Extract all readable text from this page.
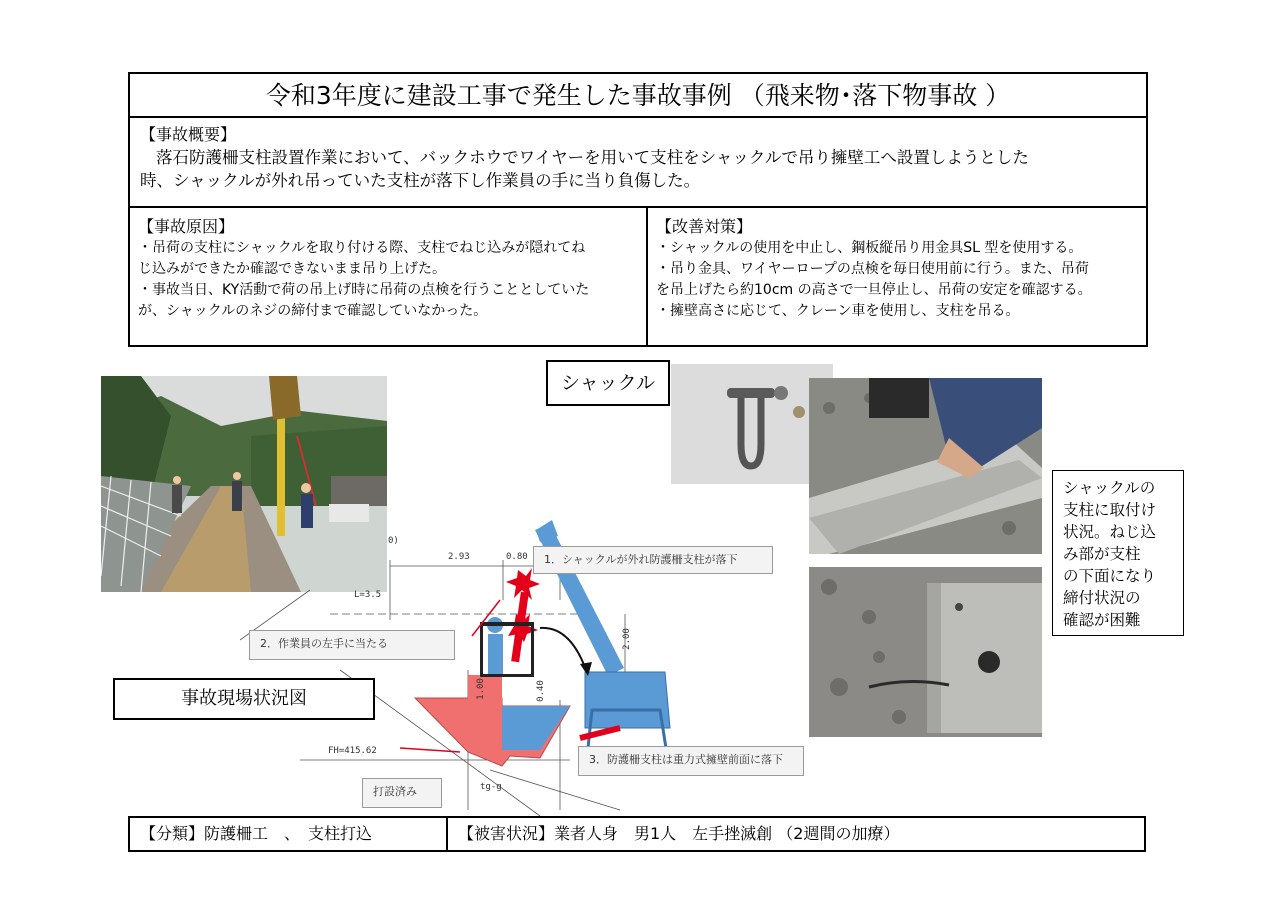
令和3年度に建設工事で発生した事故事例 （飛来物･落下物事故 ）
【事故概要】
落石防護柵支柱設置作業において、バックホウでワイヤーを用いて支柱をシャックルで吊り擁壁工へ設置しようとした
時、シャックルが外れ吊っていた支柱が落下し作業員の手に当り負傷した。
【事故原因】
・吊荷の支柱にシャックルを取り付ける際、支柱でねじ込みが隠れてね
じ込みができたか確認できないまま吊り上げた。
・事故当日、KY活動で荷の吊上げ時に吊荷の点検を行うこととしていた
が、シャックルのネジの締付まで確認していなかった。
【改善対策】
・シャックルの使用を中止し、鋼板縦吊り用金具SL 型を使用する。
・吊り金具、ワイヤーロープの点検を毎日使用前に行う。また、吊荷
を吊上げたら約10cm の高さで一旦停止し、吊荷の安定を確認する。
・擁壁高さに応じて、クレーン車を使用し、支柱を吊る。
シャックル
シャックルの
支柱に取付け
状況。ねじ込
み部が支柱
の下面になり
締付状況の
確認が困難
2.93	0.80
2.00
1.00	0.40
FH=415.62
L=3.5
tg-g
0)
1．シャックルが外れ防護柵支柱が落下
2．作業員の左手に当たる
3．防護柵支柱は重力式擁壁前面に落下
打設済み
事故現場状況図
【分類】防護柵工　、　支柱打込	【被害状況】業者人身　男1人　左手挫滅創 （2週間の加療）
